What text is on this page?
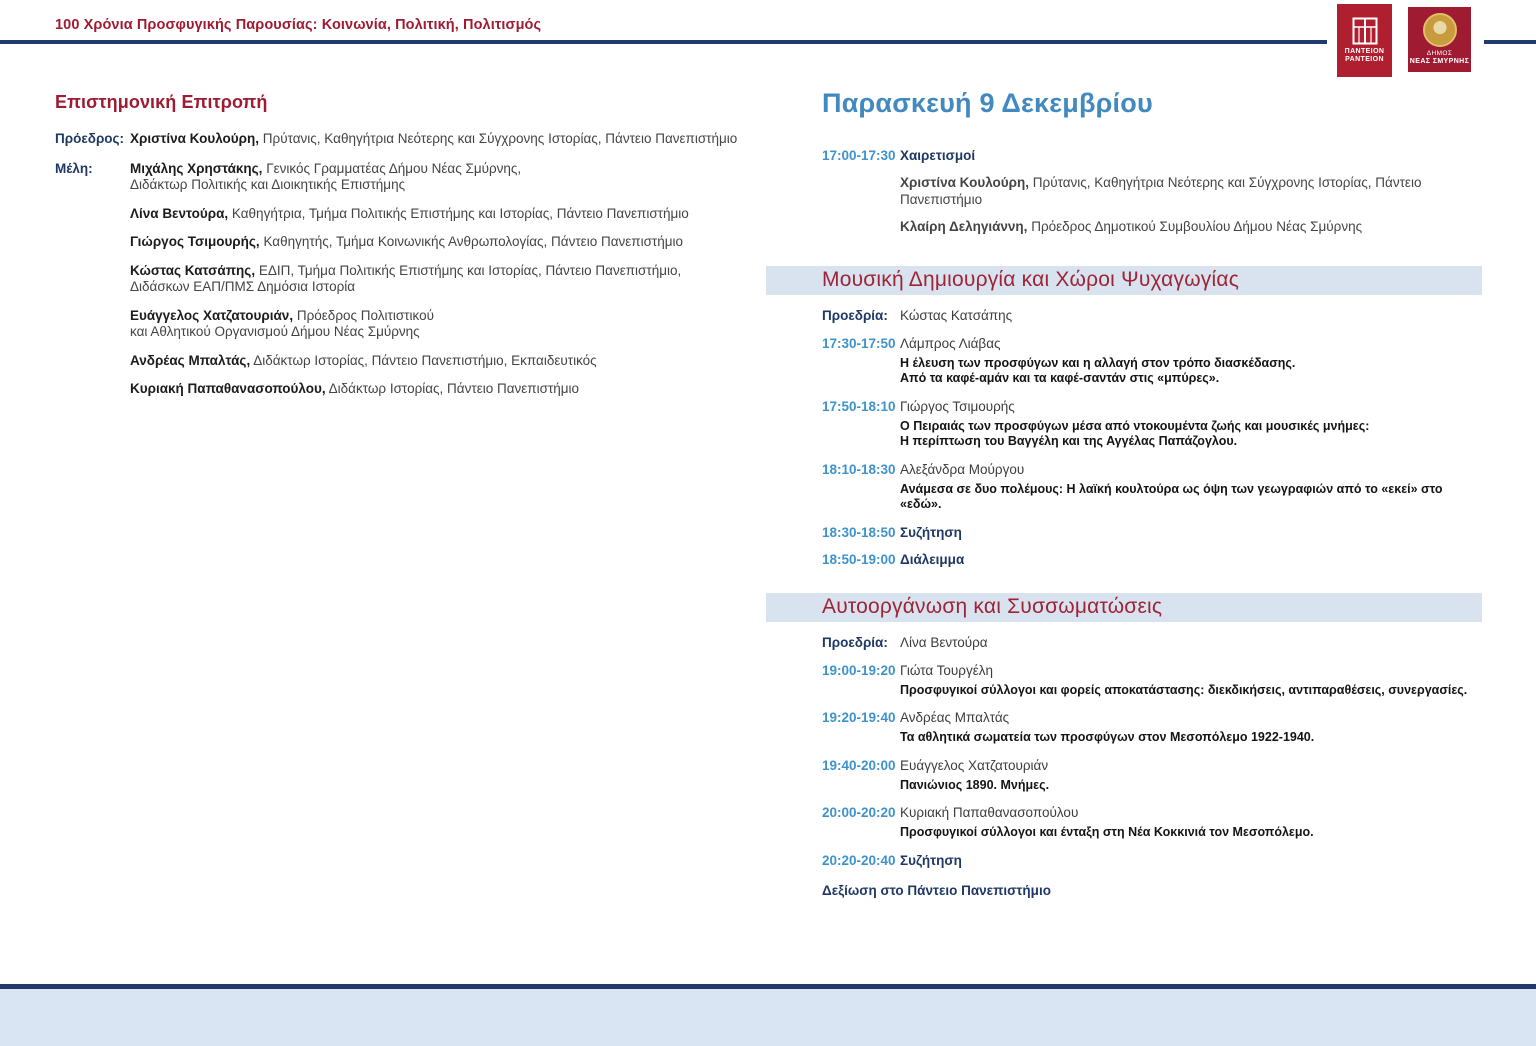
100 Χρόνια Προσφυγικής Παρουσίας: Κοινωνία, Πολιτική, Πολιτισμός
ΠΑΝΤΕΙΟΝ
PANTEION
ΔΗΜΟΣ
ΝΕΑΣ ΣΜΥΡΝΗΣ
Επιστημονική Επιτροπή
Πρόεδρος: Χριστίνα Κουλούρη, Πρύτανις, Καθηγήτρια Νεότερης και Σύγχρονης Ιστορίας, Πάντειο Πανεπιστήμιο

Μέλη:	Μιχάλης Χρηστάκης, Γενικός Γραμματέας Δήμου Νέας Σμύρνης,

Διδάκτωρ Πολιτικής και Διοικητικής Επιστήμης

Λίνα Βεντούρα, Καθηγήτρια, Τμήμα Πολιτικής Επιστήμης και Ιστορίας, Πάντειο Πανεπιστήμιο

Γιώργος Τσιμουρής, Καθηγητής, Τμήμα Κοινωνικής Ανθρωπολογίας, Πάντειο Πανεπιστήμιο

Κώστας Κατσάπης, ΕΔΙΠ, Τμήμα Πολιτικής Επιστήμης και Ιστορίας, Πάντειο Πανεπιστήμιο,

Διδάσκων ΕΑΠ/ΠΜΣ Δημόσια Ιστορία

Ευάγγελος Χατζατουριάν, Πρόεδρος Πολιτιστικού

και Αθλητικού Οργανισμού Δήμου Νέας Σμύρνης

Ανδρέας Μπαλτάς, Διδάκτωρ Ιστορίας, Πάντειο Πανεπιστήμιο, Εκπαιδευτικός

Κυριακή Παπαθανασοπούλου, Διδάκτωρ Ιστορίας, Πάντειο Πανεπιστήμιο

Παρασκευή 9 Δεκεμβρίου
17:00-17:30 Χαιρετισμοί

Χριστίνα Κουλούρη, Πρύτανις, Καθηγήτρια Νεότερης και Σύγχρονης Ιστορίας, Πάντειο Πανεπιστήμιο

Κλαίρη Δεληγιάννη, Πρόεδρος Δημοτικού Συμβουλίου Δήμου Νέας Σμύρνης

Μουσική Δημιουργία και Χώροι Ψυχαγωγίας
Προεδρία: Κώστας Κατσάπης
17:30-17:50 Λάμπρος Λιάβας
Η έλευση των προσφύγων και η αλλαγή στον τρόπο διασκέδασης.
Από τα καφέ-αμάν και τα καφέ-σαντάν στις «μπύρες».
17:50-18:10 Γιώργος Τσιμουρής
Ο Πειραιάς των προσφύγων μέσα από ντοκουμέντα ζωής και μουσικές μνήμες:
Η περίπτωση του Βαγγέλη και της Αγγέλας Παπάζογλου.
18:10-18:30 Αλεξάνδρα Μούργου
Ανάμεσα σε δυο πολέμους: Η λαϊκή κουλτούρα ως όψη των γεωγραφιών από το «εκεί» στο «εδώ».
18:30-18:50 Συζήτηση
18:50-19:00 Διάλειμμα
Αυτοοργάνωση και Συσσωματώσεις
Προεδρία: Λίνα Βεντούρα
19:00-19:20 Γιώτα Τουργέλη
Προσφυγικοί σύλλογοι και φορείς αποκατάστασης: διεκδικήσεις, αντιπαραθέσεις, συνεργασίες.
19:20-19:40 Ανδρέας Μπαλτάς
Τα αθλητικά σωματεία των προσφύγων στον Μεσοπόλεμο 1922-1940.
19:40-20:00 Ευάγγελος Χατζατουριάν
Πανιώνιος 1890. Μνήμες.
20:00-20:20 Κυριακή Παπαθανασοπούλου
Προσφυγικοί σύλλογοι και ένταξη στη Νέα Κοκκινιά τον Μεσοπόλεμο.
20:20-20:40 Συζήτηση
Δεξίωση στο Πάντειο Πανεπιστήμιο
